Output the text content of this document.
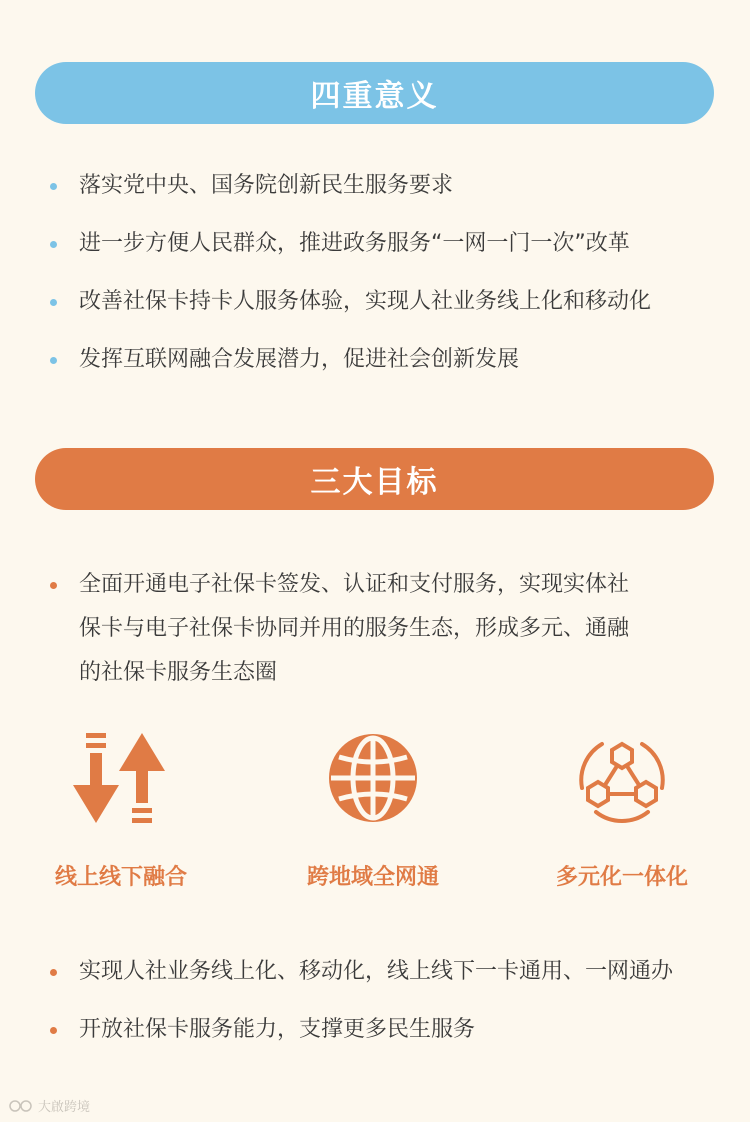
四重意义
落实党中央、国务院创新民生服务要求
进一步方便人民群众，推进政务服务“一网一门一次”改革
改善社保卡持卡人服务体验，实现人社业务线上化和移动化
发挥互联网融合发展潜力，促进社会创新发展
三大目标
全面开通电子社保卡签发、认证和支付服务，实现实体社
保卡与电子社保卡协同并用的服务生态，形成多元、通融
的社保卡服务生态圈
线上线下融合	跨地域全网通	多元化一体化
实现人社业务线上化、移动化，线上线下一卡通用、一网通办
开放社保卡服务能力，支撑更多民生服务
大啟跨境
